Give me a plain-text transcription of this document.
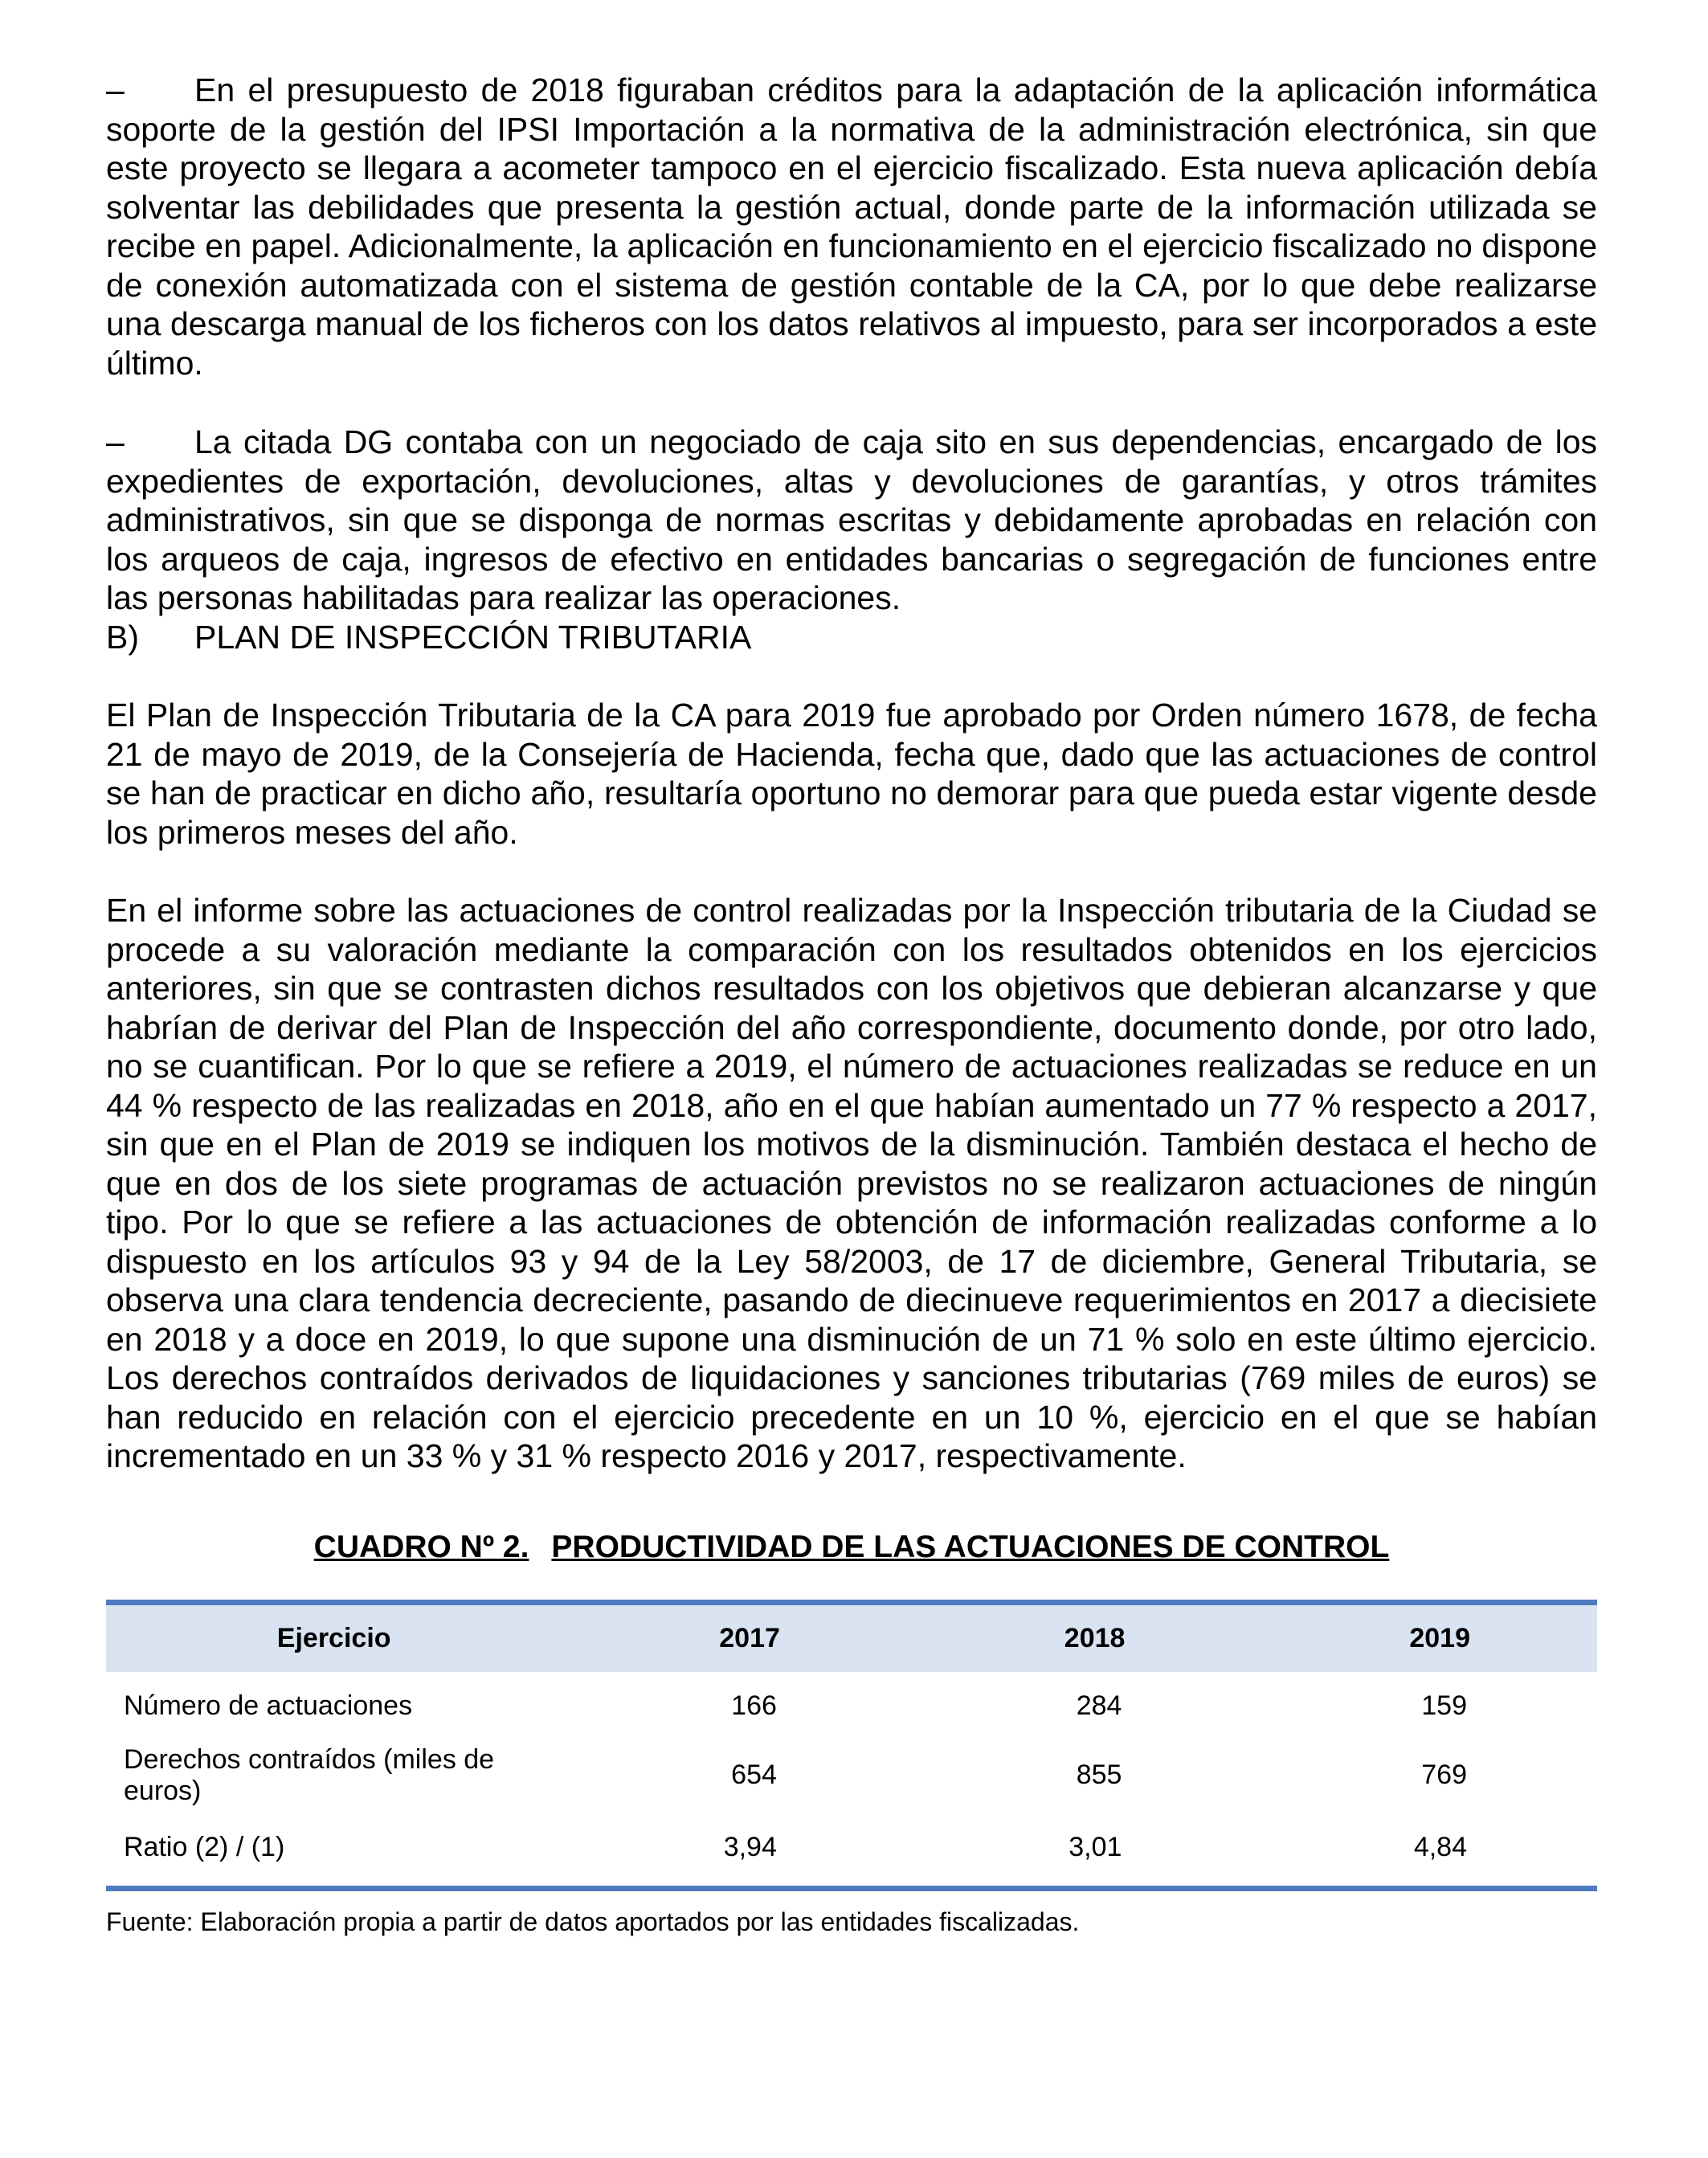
– En el presupuesto de 2018 figuraban créditos para la adaptación de la aplicación informática soporte de la gestión del IPSI Importación a la normativa de la administración electrónica, sin que este proyecto se llegara a acometer tampoco en el ejercicio fiscalizado. Esta nueva aplicación debía solventar las debilidades que presenta la gestión actual, donde parte de la información utilizada se recibe en papel. Adicionalmente, la aplicación en funcionamiento en el ejercicio fiscalizado no dispone de conexión automatizada con el sistema de gestión contable de la CA, por lo que debe realizarse una descarga manual de los ficheros con los datos relativos al impuesto, para ser incorporados a este último.

– La citada DG contaba con un negociado de caja sito en sus dependencias, encargado de los expedientes de exportación, devoluciones, altas y devoluciones de garantías, y otros trámites administrativos, sin que se disponga de normas escritas y debidamente aprobadas en relación con los arqueos de caja, ingresos de efectivo en entidades bancarias o segregación de funciones entre las personas habilitadas para realizar las operaciones.

B) PLAN DE INSPECCIÓN TRIBUTARIA

El Plan de Inspección Tributaria de la CA para 2019 fue aprobado por Orden número 1678, de fecha 21 de mayo de 2019, de la Consejería de Hacienda, fecha que, dado que las actuaciones de control se han de practicar en dicho año, resultaría oportuno no demorar para que pueda estar vigente desde los primeros meses del año.

En el informe sobre las actuaciones de control realizadas por la Inspección tributaria de la Ciudad se procede a su valoración mediante la comparación con los resultados obtenidos en los ejercicios anteriores, sin que se contrasten dichos resultados con los objetivos que debieran alcanzarse y que habrían de derivar del Plan de Inspección del año correspondiente, documento donde, por otro lado, no se cuantifican. Por lo que se refiere a 2019, el número de actuaciones realizadas se reduce en un 44 % respecto de las realizadas en 2018, año en el que habían aumentado un 77 % respecto a 2017, sin que en el Plan de 2019 se indiquen los motivos de la disminución. También destaca el hecho de que en dos de los siete programas de actuación previstos no se realizaron actuaciones de ningún tipo. Por lo que se refiere a las actuaciones de obtención de información realizadas conforme a lo dispuesto en los artículos 93 y 94 de la Ley 58/2003, de 17 de diciembre, General Tributaria, se observa una clara tendencia decreciente, pasando de diecinueve requerimientos en 2017 a diecisiete en 2018 y a doce en 2019, lo que supone una disminución de un 71 % solo en este último ejercicio. Los derechos contraídos derivados de liquidaciones y sanciones tributarias (769 miles de euros) se han reducido en relación con el ejercicio precedente en un 10 %, ejercicio en el que se habían incrementado en un 33 % y 31 % respecto 2016 y 2017, respectivamente.

CUADRO Nº 2. PRODUCTIVIDAD DE LAS ACTUACIONES DE CONTROL
Ejercicio	2017	2018	2019
Número de actuaciones	166	284	159
Derechos contraídos (miles de euros)	654	855	769
Ratio (2) / (1)	3,94	3,01	4,84
Fuente: Elaboración propia a partir de datos aportados por las entidades fiscalizadas.
